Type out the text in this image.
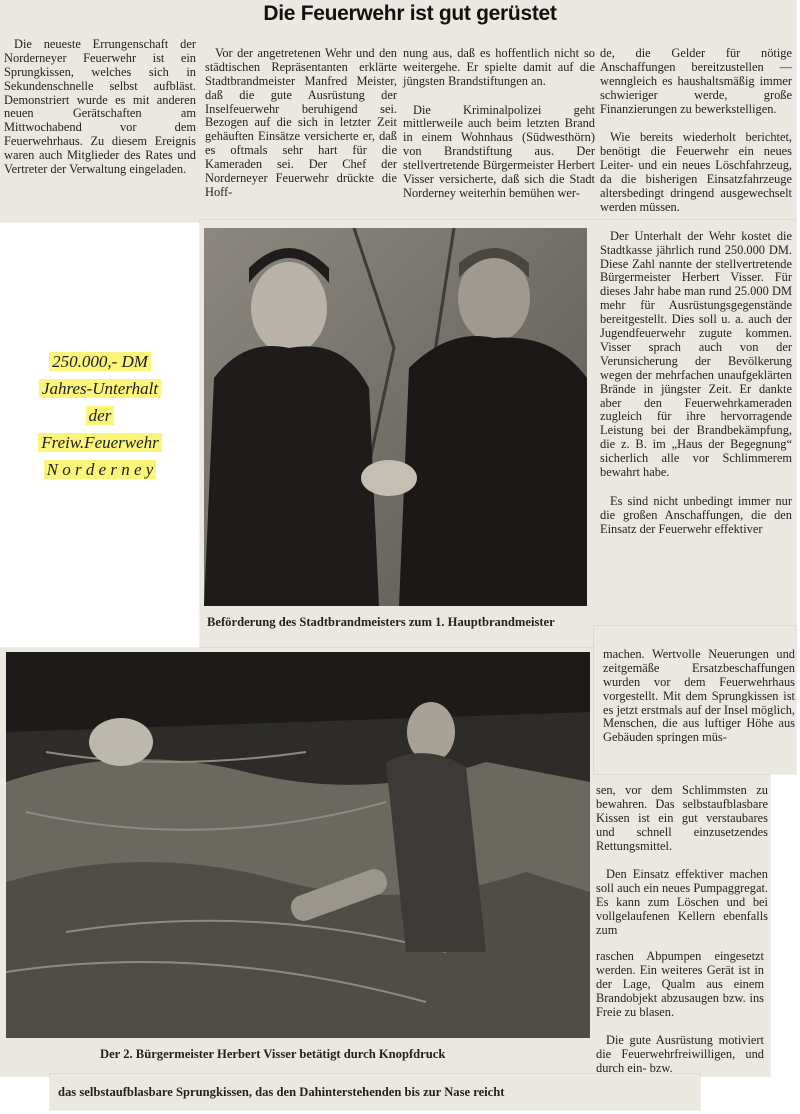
Die Feuerwehr ist gut gerüstet

Die neueste Errungenschaft der Norderneyer Feuerwehr ist ein Sprungkissen, welches sich in Sekundenschnelle selbst aufbläst. Demonstriert wurde es mit anderen neuen Gerätschaften am Mittwochabend vor dem Feuerwehrhaus. Zu diesem Ereignis waren auch Mitglieder des Rates und Vertreter der Verwaltung eingeladen.

Vor der angetretenen Wehr und den städtischen Repräsentanten erklärte Stadtbrandmeister Manfred Meister, daß die gute Ausrüstung der Inselfeuerwehr beruhigend sei. Bezogen auf die sich in letzter Zeit gehäuften Einsätze versicherte er, daß es oftmals sehr hart für die Kameraden sei. Der Chef der Norderneyer Feuerwehr drückte die Hoff-

nung aus, daß es hoffentlich nicht so weitergehe. Er spielte damit auf die jüngsten Brandstiftungen an.

Die Kriminalpolizei geht mittlerweile auch beim letzten Brand in einem Wohnhaus (Südwesthörn) von Brandstiftung aus. Der stellvertretende Bürgermeister Herbert Visser versicherte, daß sich die Stadt Norderney weiterhin bemühen wer-

de, die Gelder für nötige Anschaffungen bereitzustellen — wenngleich es haushaltsmäßig immer schwieriger werde, große Finanzierungen zu bewerkstelligen.

Wie bereits wiederholt berichtet, benötigt die Feuerwehr ein neues Leiter- und ein neues Löschfahrzeug, da die bisherigen Einsatzfahrzeuge altersbedingt dringend ausgewechselt werden müssen.

Der Unterhalt der Wehr kostet die Stadtkasse jährlich rund 250.000 DM. Diese Zahl nannte der stellvertretende Bürgermeister Herbert Visser. Für dieses Jahr habe man rund 25.000 DM mehr für Ausrüstungsgegenstände bereitgestellt. Dies soll u. a. auch der Jugendfeuerwehr zugute kommen. Visser sprach auch von der Verunsicherung der Bevölkerung wegen der mehrfachen unaufgeklärten Brände in jüngster Zeit. Er dankte aber den Feuerwehrkameraden zugleich für ihre hervorragende Leistung bei der Brandbekämpfung, die z. B. im „Haus der Begegnung“ sicherlich alle vor Schlimmerem bewahrt habe.

Es sind nicht unbedingt immer nur die großen Anschaffungen, die den Einsatz der Feuerwehr effektiver

250.000,- DM
Jahres-Unterhalt
der
Freiw.Feuerwehr
N o r d e r n e y
Beförderung des Stadtbrandmeisters zum 1. Hauptbrandmeister

machen. Wertvolle Neuerungen und zeitgemäße Ersatzbeschaffungen wurden vor dem Feuerwehrhaus vorgestellt. Mit dem Sprungkissen ist es jetzt erstmals auf der Insel möglich, Menschen, die aus luftiger Höhe aus Gebäuden springen müs-

sen, vor dem Schlimmsten zu bewahren. Das selbstaufblasbare Kissen ist ein gut verstaubares und schnell einzusetzendes Rettungsmittel.

Den Einsatz effektiver machen soll auch ein neues Pumpaggregat. Es kann zum Löschen und bei vollgelaufenen Kellern ebenfalls zum

raschen Abpumpen eingesetzt werden. Ein weiteres Gerät ist in der Lage, Qualm aus einem Brandobjekt abzusaugen bzw. ins Freie zu blasen.

Die gute Ausrüstung motiviert die Feuerwehrfreiwilligen, und durch ein- bzw.

Der 2. Bürgermeister Herbert Visser betätigt durch Knopfdruck
das selbstaufblasbare Sprungkissen, das den Dahinterstehenden bis zur Nase reicht
